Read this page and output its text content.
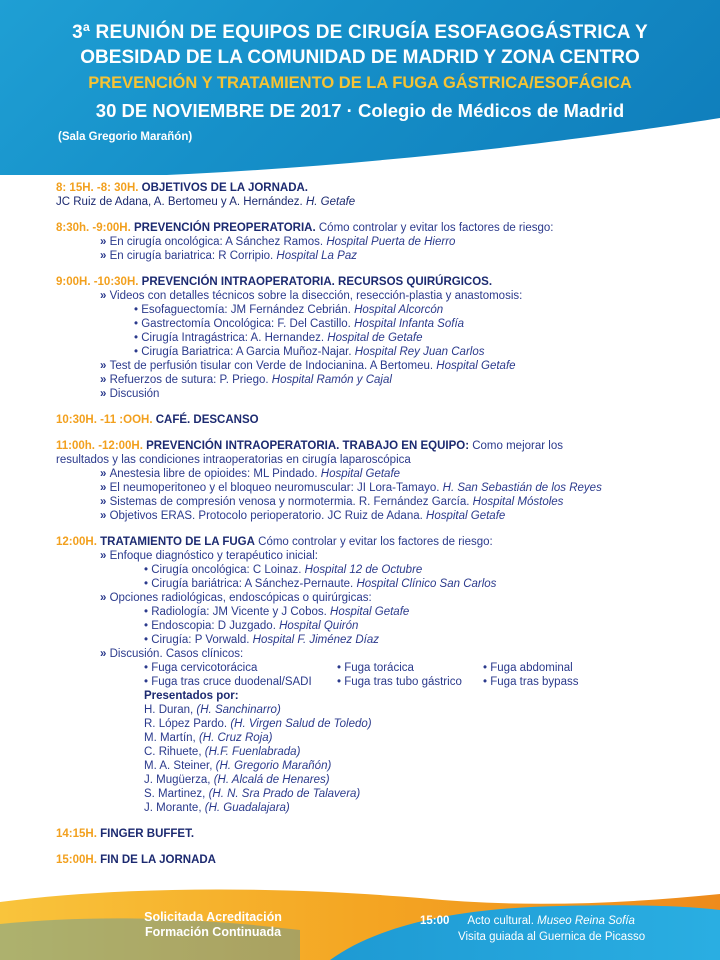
3ª REUNIÓN DE EQUIPOS DE CIRUGÍA ESOFAGOGÁSTRICA Y
OBESIDAD DE LA COMUNIDAD DE MADRID Y ZONA CENTRO
PREVENCIÓN Y TRATAMIENTO DE LA FUGA GÁSTRICA/ESOFÁGICA
30 DE NOVIEMBRE DE 2017 · Colegio de Médicos de Madrid
(Sala Gregorio Marañón)
8: 15H. -8: 30H. OBJETIVOS DE LA JORNADA.
JC Ruiz de Adana, A. Bertomeu y A. Hernández. H. Getafe
8:30h. -9:00H. PREVENCIÓN PREOPERATORIA. Cómo controlar y evitar los factores de riesgo:
» En cirugía oncológica: A Sánchez Ramos. Hospital Puerta de Hierro
» En cirugía bariatrica: R Corripio. Hospital La Paz
9:00H. -10:30H. PREVENCIÓN INTRAOPERATORIA. RECURSOS QUIRÚRGICOS.
» Videos con detalles técnicos sobre la disección, resección-plastia y anastomosis:
• Esofaguectomía: JM Fernández Cebrián. Hospital Alcorcón
• Gastrectomía Oncológica: F. Del Castillo. Hospital Infanta Sofía
• Cirugía Intragástrica: A. Hernandez. Hospital de Getafe
• Cirugía Bariatrica: A Garcia Muñoz-Najar. Hospital Rey Juan Carlos
» Test de perfusión tisular con Verde de Indocianina. A Bertomeu. Hospital Getafe
» Refuerzos de sutura: P. Priego. Hospital Ramón y Cajal
» Discusión
10:30H. -11 :OOH. CAFÉ. DESCANSO
11:00h. -12:00H. PREVENCIÓN INTRAOPERATORIA. TRABAJO EN EQUIPO: Como mejorar los
resultados y las condiciones intraoperatorias en cirugía laparoscópica
» Anestesia libre de opioides: ML Pindado. Hospital Getafe
» El neumoperitoneo y el bloqueo neuromuscular: JI Lora-Tamayo. H. San Sebastián de los Reyes
» Sistemas de compresión venosa y normotermia. R. Fernández García. Hospital Móstoles
» Objetivos ERAS. Protocolo perioperatorio. JC Ruiz de Adana. Hospital Getafe
12:00H. TRATAMIENTO DE LA FUGA Cómo controlar y evitar los factores de riesgo:
» Enfoque diagnóstico y terapéutico inicial:
• Cirugía oncológica: C Loinaz. Hospital 12 de Octubre
• Cirugía bariátrica: A Sánchez-Pernaute. Hospital Clínico San Carlos
» Opciones radiológicas, endoscópicas o quirúrgicas:
• Radiología: JM Vicente y J Cobos. Hospital Getafe
• Endoscopia: D Juzgado. Hospital Quirón
• Cirugía: P Vorwald. Hospital F. Jiménez Díaz
» Discusión. Casos clínicos:
• Fuga cervicotorácica	• Fuga torácica	• Fuga abdominal
• Fuga tras cruce duodenal/SADI	• Fuga tras tubo gástrico	• Fuga tras bypass
Presentados por:
H. Duran, (H. Sanchinarro)
R. López Pardo. (H. Virgen Salud de Toledo)
M. Martín, (H. Cruz Roja)
C. Rihuete, (H.F. Fuenlabrada)
M. A. Steiner, (H. Gregorio Marañón)
J. Mugüerza, (H. Alcalá de Henares)
S. Martinez, (H. N. Sra Prado de Talavera)
J. Morante, (H. Guadalajara)
14:15H. FINGER BUFFET.
15:00H. FIN DE LA JORNADA
Solicitada Acreditación
Formación Continuada
15:00 Acto cultural. Museo Reina Sofía
Visita guiada al Guernica de Picasso
